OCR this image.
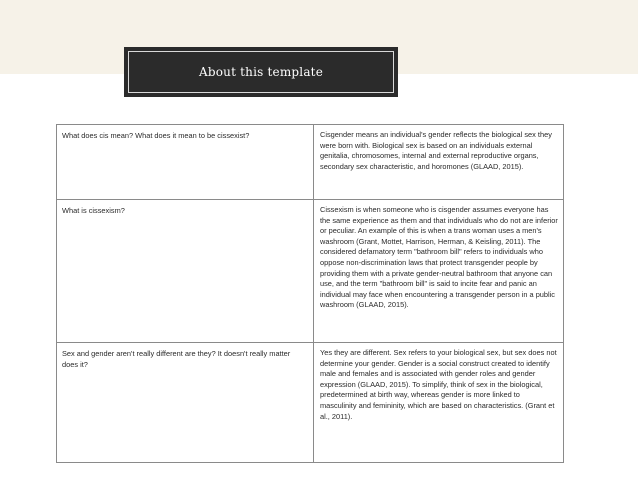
About this template
What does cis mean? What does it mean to be cissexist?	Cisgender means an individual's gender reflects the biological sex they were born with. Biological sex is based on an individuals external genitalia, chromosomes, internal and external reproductive organs, secondary sex characteristic, and horomones (GLAAD, 2015).
What is cissexism?	Cissexism is when someone who is cisgender assumes everyone has the same experience as them and that individuals who do not are inferior or peculiar. An example of this is when a trans woman uses a men's washroom (Grant, Mottet, Harrison, Herman, & Keisling, 2011). The considered defamatory term "bathroom bill" refers to individuals who oppose non-discrimination laws that protect transgender people by providing them with a private gender-neutral bathroom that anyone can use, and the term "bathroom bill" is said to incite fear and panic an individual may face when encountering a transgender person in a public washroom (GLAAD, 2015).
Sex and gender aren't really different are they? It doesn't really matter does it?	Yes they are different. Sex refers to your biological sex, but sex does not determine your gender. Gender is a social construct created to identify male and females and is associated with gender roles and gender expression (GLAAD, 2015). To simplify, think of sex in the biological, predetermined at birth way, whereas gender is more linked to masculinity and femininity, which are based on characteristics. (Grant et al., 2011).
